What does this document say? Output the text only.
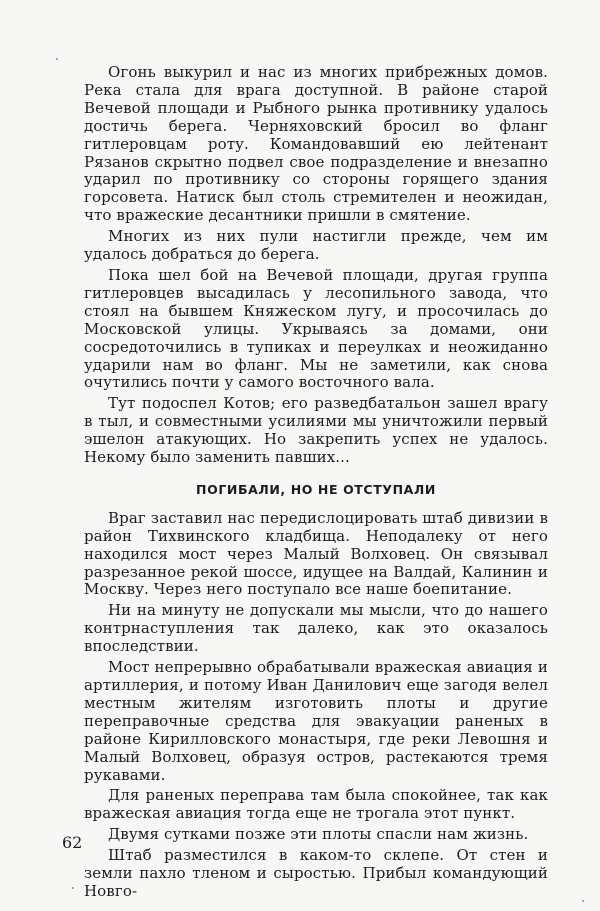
Огонь выкурил и нас из многих прибрежных домов. Река стала для врага доступной. В районе старой Вечевой площади и Рыбного рынка противнику удалось достичь берега. Черняховский бросил во фланг гитлеровцам роту. Командовавший ею лейтенант Рязанов скрытно подвел свое подразделение и внезапно ударил по противнику со стороны горящего здания горсовета. Натиск был столь стремителен и неожидан, что вражеские десантники пришли в смятение.

Многих из них пули настигли прежде, чем им удалось добраться до берега.

Пока шел бой на Вечевой площади, другая группа гитлеровцев высадилась у лесопильного завода, что стоял на бывшем Княжеском лугу, и просочилась до Московской улицы. Укрываясь за домами, они сосредоточились в тупиках и переулках и неожиданно ударили нам во фланг. Мы не заметили, как снова очутились почти у самого восточного вала.

Тут подоспел Котов; его разведбатальон зашел врагу в тыл, и совместными усилиями мы уничтожили первый эшелон атакующих. Но закрепить успех не удалось. Некому было заменить павших...

ПОГИБАЛИ, НО НЕ ОТСТУПАЛИ

Враг заставил нас передислоцировать штаб дивизии в район Тихвинского кладбища. Неподалеку от него находился мост через Малый Волховец. Он связывал разрезанное рекой шоссе, идущее на Валдай, Калинин и Москву. Через него поступало все наше боепитание.

Ни на минуту не допускали мы мысли, что до нашего контрнаступления так далеко, как это оказалось впоследствии.

Мост непрерывно обрабатывали вражеская авиация и артиллерия, и потому Иван Данилович еще загодя велел местным жителям изготовить плоты и другие переправочные средства для эвакуации раненых в районе Кирилловского монастыря, где реки Левошня и Малый Волховец, образуя остров, растекаются тремя рукавами.

Для раненых переправа там была спокойнее, так как вражеская авиация тогда еще не трогала этот пункт.

Двумя сутками позже эти плоты спасли нам жизнь.

Штаб разместился в каком-то склепе. От стен и земли пахло тленом и сыростью. Прибыл командующий Новго-

62
